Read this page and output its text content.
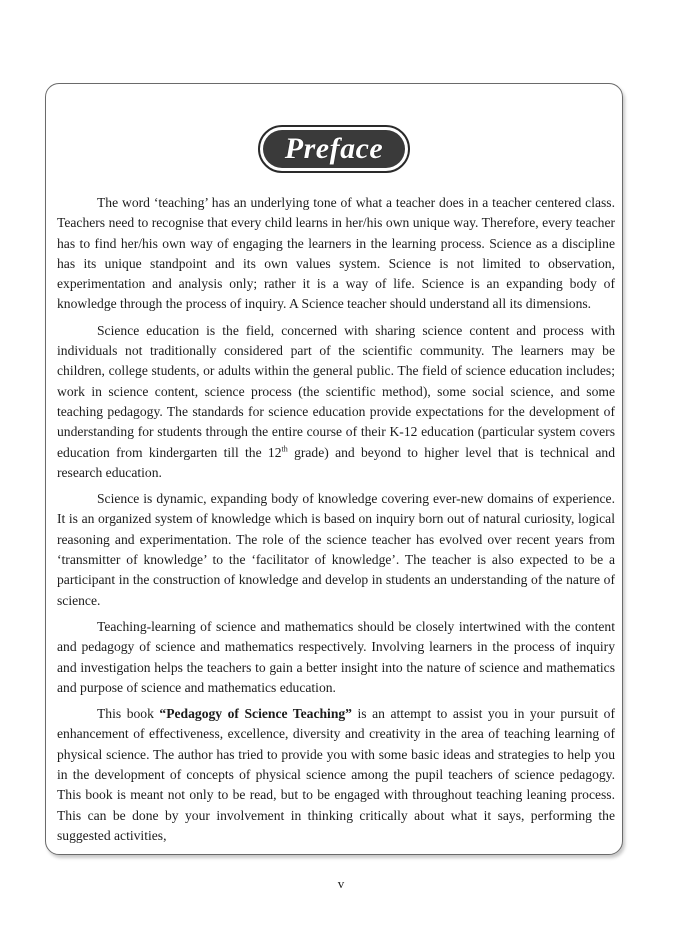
Preface

The word ‘teaching’ has an underlying tone of what a teacher does in a teacher centered class. Teachers need to recognise that every child learns in her/his own unique way. Therefore, every teacher has to find her/his own way of engaging the learners in the learning process. Science as a discipline has its unique standpoint and its own values system. Science is not limited to observation, experimentation and analysis only; rather it is a way of life. Science is an expanding body of knowledge through the process of inquiry. A Science teacher should understand all its dimensions.

Science education is the field, concerned with sharing science content and process with individuals not traditionally considered part of the scientific community. The learners may be children, college students, or adults within the general public. The field of science education includes; work in science content, science process (the scientific method), some social science, and some teaching pedagogy. The standards for science education provide expectations for the development of understanding for students through the entire course of their K-12 education (particular system covers education from kindergarten till the 12th grade) and beyond to higher level that is technical and research education.

Science is dynamic, expanding body of knowledge covering ever-new domains of experience. It is an organized system of knowledge which is based on inquiry born out of natural curiosity, logical reasoning and experimentation. The role of the science teacher has evolved over recent years from ‘transmitter of knowledge’ to the ‘facilitator of knowledge’. The teacher is also expected to be a participant in the construction of knowledge and develop in students an understanding of the nature of science.

Teaching-learning of science and mathematics should be closely intertwined with the content and pedagogy of science and mathematics respectively. Involving learners in the process of inquiry and investigation helps the teachers to gain a better insight into the nature of science and mathematics and purpose of science and mathematics education.

This book “Pedagogy of Science Teaching” is an attempt to assist you in your pursuit of enhancement of effectiveness, excellence, diversity and creativity in the area of teaching learning of physical science. The author has tried to provide you with some basic ideas and strategies to help you in the development of concepts of physical science among the pupil teachers of science pedagogy. This book is meant not only to be read, but to be engaged with throughout teaching leaning process. This can be done by your involvement in thinking critically about what it says, performing the suggested activities,

v
